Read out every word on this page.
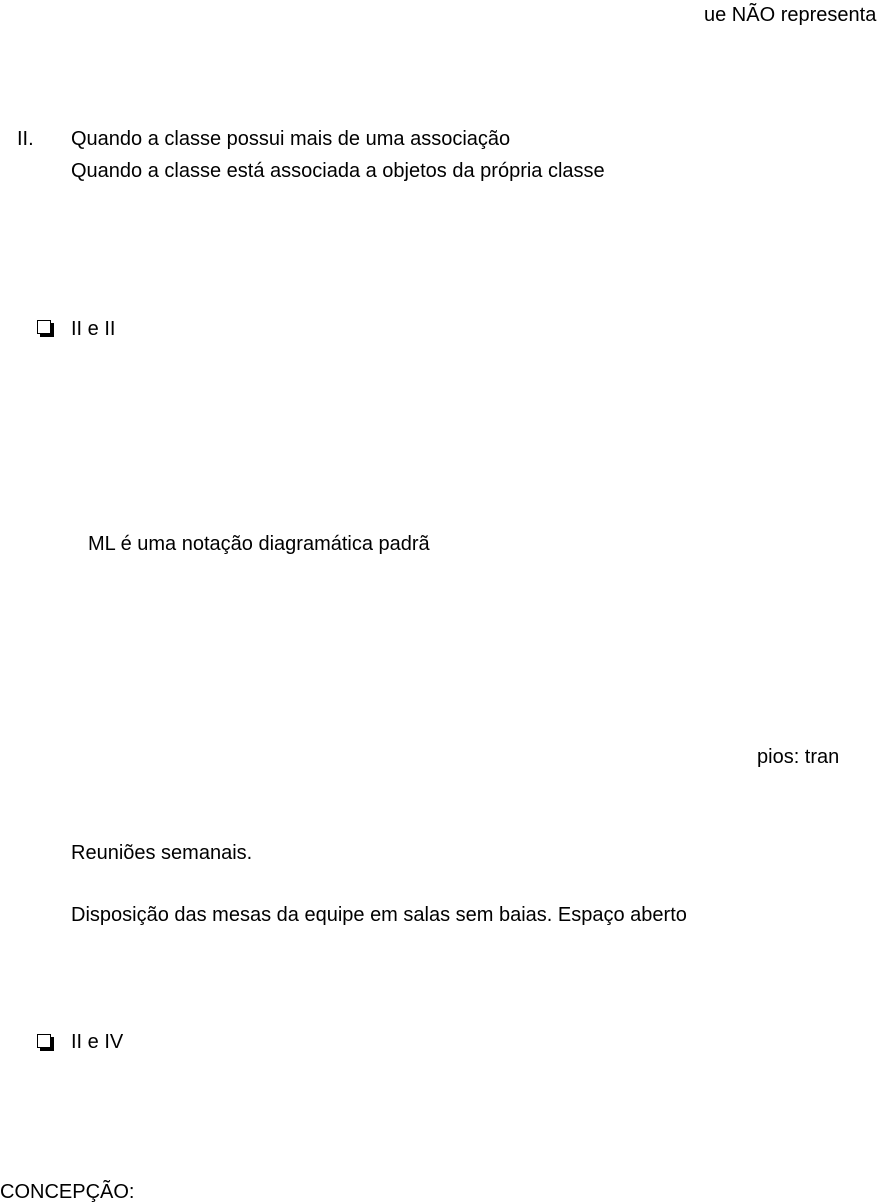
ue NÃO representa
II. Quando a classe possui mais de uma associação
Quando a classe está associada a objetos da própria classe
II e II
ML é uma notação diagramática padrã
pios: tran
Reuniões semanais.
Disposição das mesas da equipe em salas sem baias. Espaço aberto
II e IV
CONCEPÇÃO:
